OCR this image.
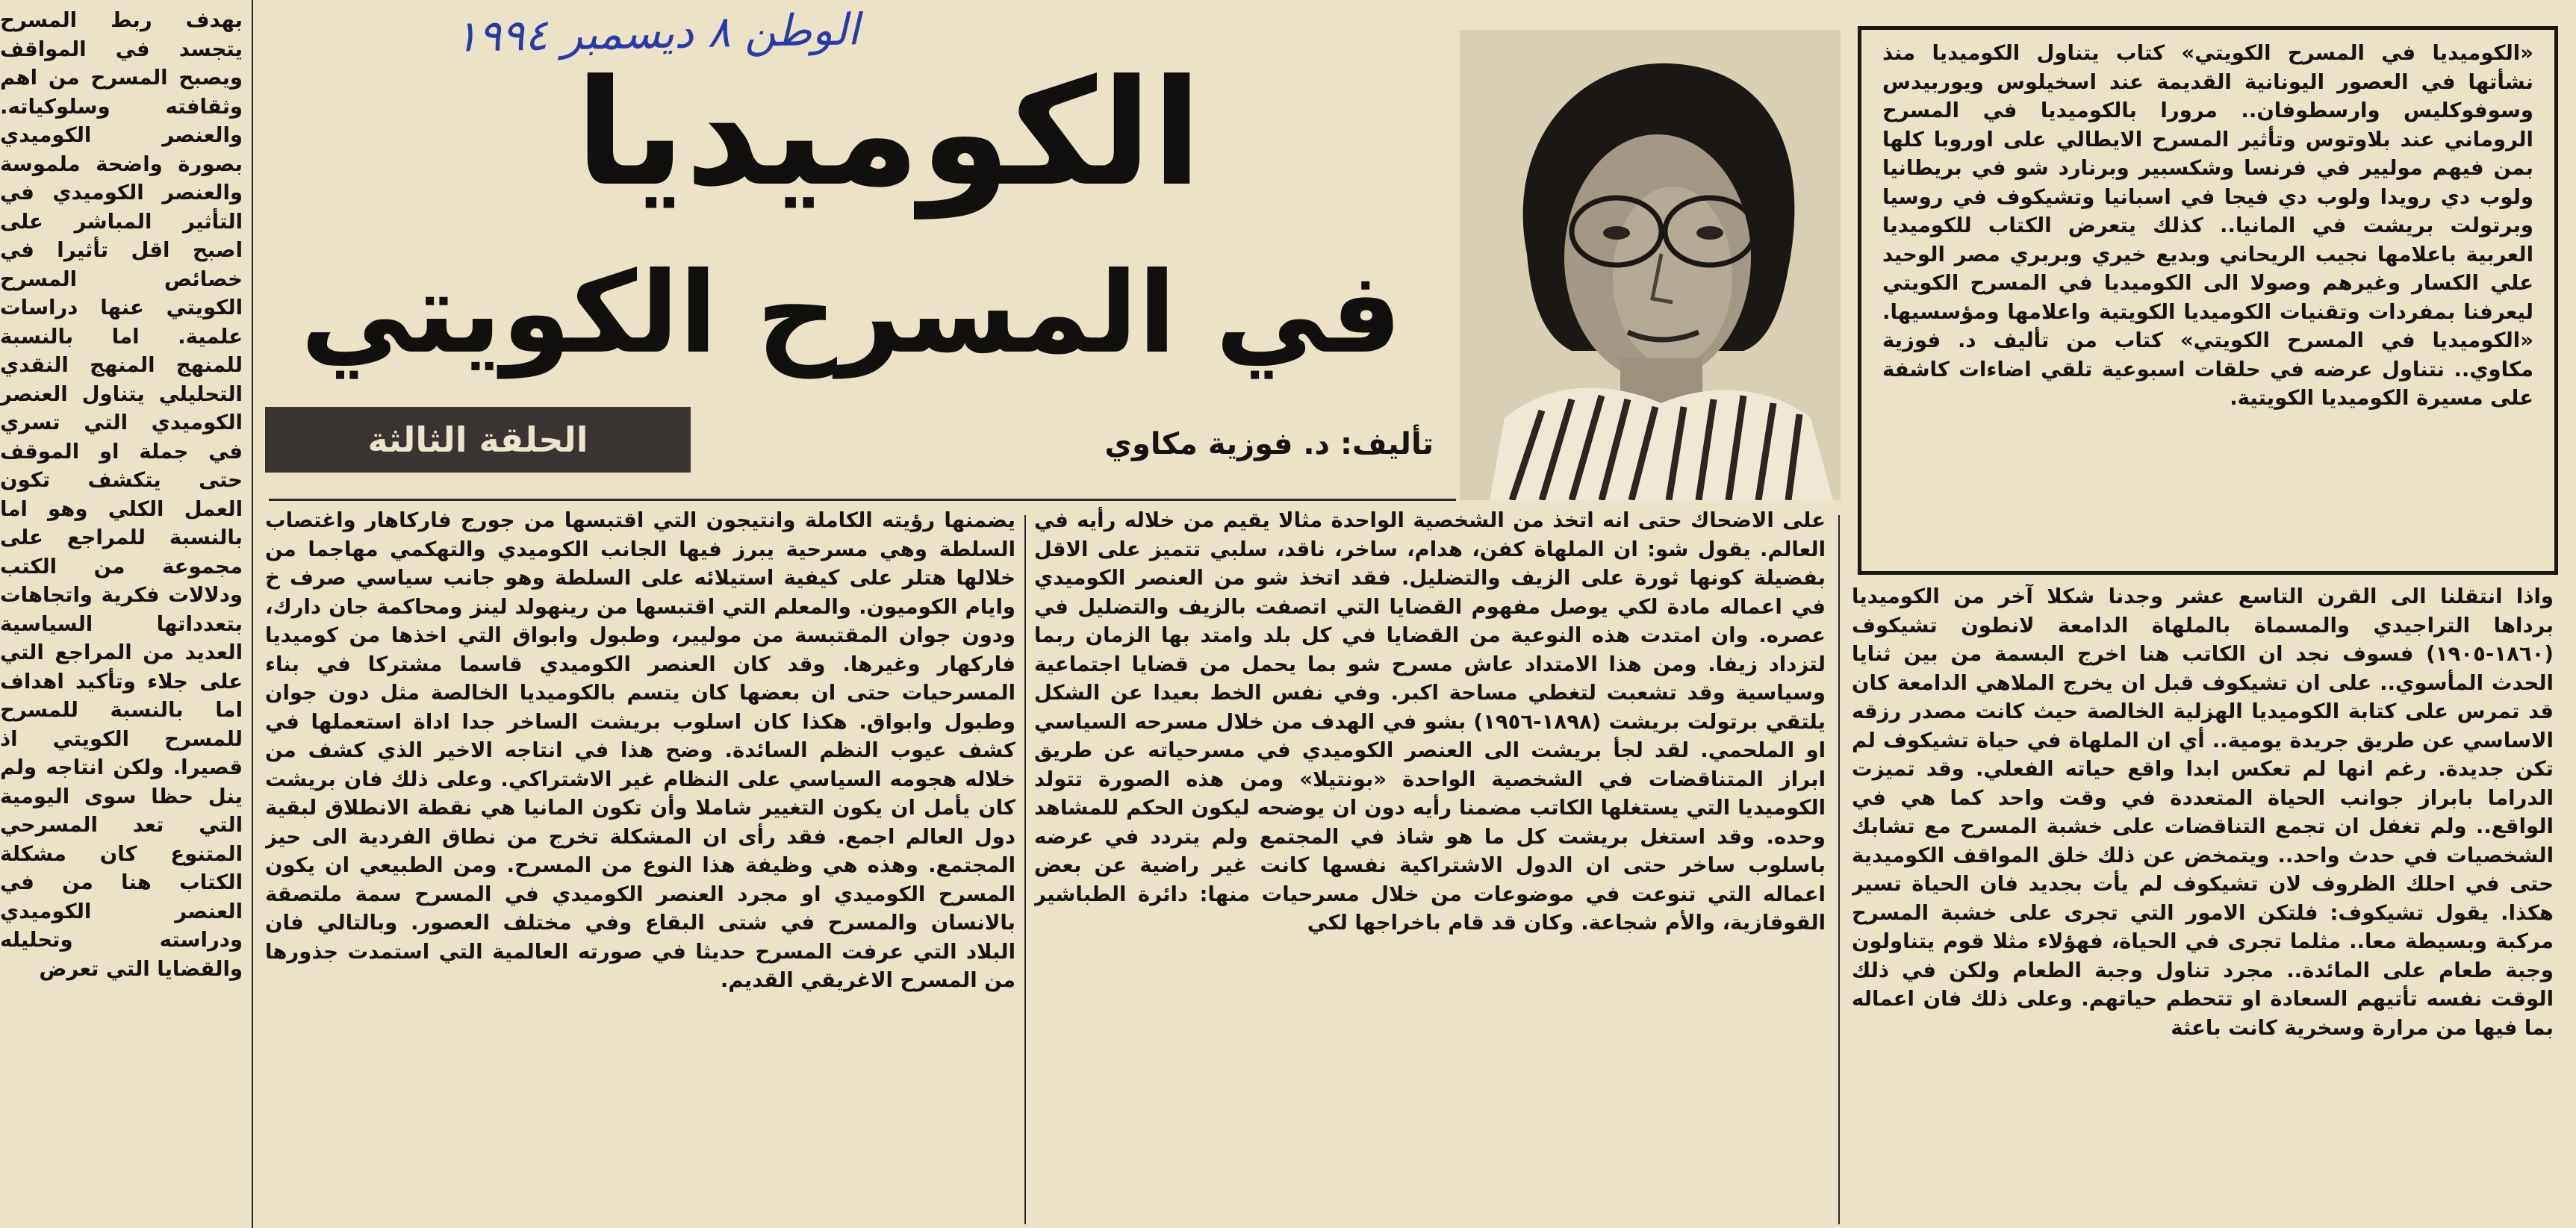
الوطن ٨ ديسمبر ١٩٩٤
الكوميديا
في المسرح الكويتي
الحلقة الثالثة	تأليف: د. فوزية مكاوي
«الكوميديا في المسرح الكويتي» كتاب يتناول الكوميديا منذ نشأتها في العصور اليونانية القديمة عند اسخيلوس ويوربيدس وسوفوكليس وارسطوفان.. مرورا بالكوميديا في المسرح الروماني عند بلاوتوس وتأثير المسرح الايطالي على اوروبا كلها بمن فيهم موليير في فرنسا وشكسبير وبرنارد شو في بريطانيا ولوب دي رويدا ولوب دي فيجا في اسبانيا وتشيكوف في روسيا وبرتولت بريشت في المانيا.. كذلك يتعرض الكتاب للكوميديا العربية باعلامها نجيب الريحاني وبديع خيري وبربري مصر الوحيد علي الكسار وغيرهم وصولا الى الكوميديا في المسرح الكويتي ليعرفنا بمفردات وتقنيات الكوميديا الكويتية واعلامها ومؤسسيها. «الكوميديا في المسرح الكويتي» كتاب من تأليف د. فوزية مكاوي.. نتناول عرضه في حلقات اسبوعية تلقي اضاءات كاشفة على مسيرة الكوميديا الكويتية.
واذا انتقلنا الى القرن التاسع عشر وجدنا شكلا آخر من الكوميديا برداها التراجيدي والمسماة بالملهاة الدامعة لانطون تشيكوف (١٨٦٠-١٩٠٥) فسوف نجد ان الكاتب هنا اخرج البسمة من بين ثنايا الحدث المأسوي.. على ان تشيكوف قبل ان يخرج الملاهي الدامعة كان قد تمرس على كتابة الكوميديا الهزلية الخالصة حيث كانت مصدر رزقه الاساسي عن طريق جريدة يومية.. أي ان الملهاة في حياة تشيكوف لم تكن جديدة. رغم انها لم تعكس ابدا واقع حياته الفعلي. وقد تميزت الدراما بابراز جوانب الحياة المتعددة في وقت واحد كما هي في الواقع.. ولم تغفل ان تجمع التناقضات على خشبة المسرح مع تشابك الشخصيات في حدث واحد.. ويتمخض عن ذلك خلق المواقف الكوميدية حتى في احلك الظروف لان تشيكوف لم يأت بجديد فان الحياة تسير هكذا. يقول تشيكوف: فلتكن الامور التي تجرى على خشبة المسرح مركبة وبسيطة معا.. مثلما تجرى في الحياة، فهؤلاء مثلا قوم يتناولون وجبة طعام على المائدة.. مجرد تناول وجبة الطعام ولكن في ذلك الوقت نفسه تأتيهم السعادة او تتحطم حياتهم. وعلى ذلك فان اعماله بما فيها من مرارة وسخرية كانت باعثة
على الاضحاك حتى انه اتخذ من الشخصية الواحدة مثالا يقيم من خلاله رأيه في العالم. يقول شو: ان الملهاة كفن، هدام، ساخر، ناقد، سلبي تتميز على الاقل بفضيلة كونها ثورة على الزيف والتضليل. فقد اتخذ شو من العنصر الكوميدي في اعماله مادة لكي يوصل مفهوم القضايا التي اتصفت بالزيف والتضليل في عصره. وان امتدت هذه النوعية من القضايا في كل بلد وامتد بها الزمان ربما لتزداد زيفا. ومن هذا الامتداد عاش مسرح شو بما يحمل من قضايا اجتماعية وسياسية وقد تشعبت لتغطي مساحة اكبر. وفي نفس الخط بعيدا عن الشكل يلتقي برتولت بريشت (١٨٩٨-١٩٥٦) بشو في الهدف من خلال مسرحه السياسي او الملحمي. لقد لجأ بريشت الى العنصر الكوميدي في مسرحياته عن طريق ابراز المتناقضات في الشخصية الواحدة «بونتيلا» ومن هذه الصورة تتولد الكوميديا التي يستغلها الكاتب مضمنا رأيه دون ان يوضحه ليكون الحكم للمشاهد وحده. وقد استغل بريشت كل ما هو شاذ في المجتمع ولم يتردد في عرضه باسلوب ساخر حتى ان الدول الاشتراكية نفسها كانت غير راضية عن بعض اعماله التي تنوعت في موضوعات من خلال مسرحيات منها: دائرة الطباشير القوقازية، والأم شجاعة. وكان قد قام باخراجها لكي
يضمنها رؤيته الكاملة وانتيجون التي اقتبسها من جورج فاركاهار واغتصاب السلطة وهي مسرحية يبرز فيها الجانب الكوميدي والتهكمي مهاجما من خلالها هتلر على كيفية استيلائه على السلطة وهو جانب سياسي صرف خ وايام الكوميون. والمعلم التي اقتبسها من رينهولد لينز ومحاكمة جان دارك، ودون جوان المقتبسة من موليير، وطبول وابواق التي اخذها من كوميديا فاركهار وغيرها. وقد كان العنصر الكوميدي قاسما مشتركا في بناء المسرحيات حتى ان بعضها كان يتسم بالكوميديا الخالصة مثل دون جوان وطبول وابواق. هكذا كان اسلوب بريشت الساخر جدا اداة استعملها في كشف عيوب النظم السائدة. وضح هذا في انتاجه الاخير الذي كشف من خلاله هجومه السياسي على النظام غير الاشتراكي. وعلى ذلك فان بريشت كان يأمل ان يكون التغيير شاملا وأن تكون المانيا هي نقطة الانطلاق لبقية دول العالم اجمع. فقد رأى ان المشكلة تخرج من نطاق الفردية الى حيز المجتمع. وهذه هي وظيفة هذا النوع من المسرح. ومن الطبيعي ان يكون المسرح الكوميدي او مجرد العنصر الكوميدي في المسرح سمة ملتصقة بالانسان والمسرح في شتى البقاع وفي مختلف العصور. وبالتالي فان البلاد التي عرفت المسرح حديثا في صورته العالمية التي استمدت جذورها من المسرح الاغريقي القديم.
بهدف ربط المسرح يتجسد في المواقف ويصبح المسرح من اهم وثقافته وسلوكياته. والعنصر الكوميدي بصورة واضحة ملموسة والعنصر الكوميدي في التأثير المباشر على اصبح اقل تأثيرا في خصائص المسرح الكويتي عنها دراسات علمية. اما بالنسبة للمنهج المنهج النقدي التحليلي يتناول العنصر الكوميدي التي تسري في جملة او الموقف حتى يتكشف تكون العمل الكلي وهو اما بالنسبة للمراجع على مجموعة من الكتب ودلالات فكرية واتجاهات بتعدداتها السياسية العديد من المراجع التي على جلاء وتأكيد اهداف اما بالنسبة للمسرح للمسرح الكويتي اذ قصيرا. ولكن انتاجه ولم ينل حظا سوى اليومية التي تعد المسرحي المتنوع كان مشكلة الكتاب هنا من في العنصر الكوميدي ودراسته وتحليله والقضايا التي تعرض
